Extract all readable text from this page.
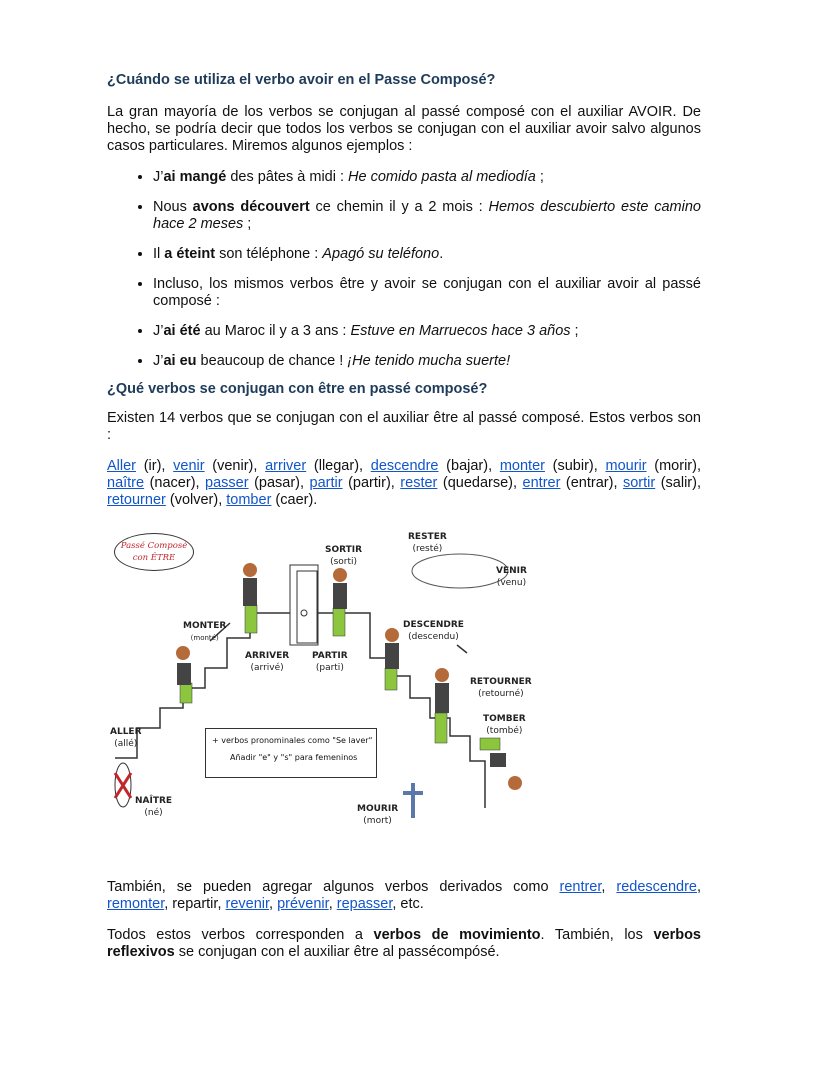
¿Cuándo se utiliza el verbo avoir en el Passe Composé?

La gran mayoría de los verbos se conjugan al passé composé con el auxiliar AVOIR. De hecho, se podría decir que todos los verbos se conjugan con el auxiliar avoir salvo algunos casos particulares. Miremos algunos ejemplos :

• J’ai mangé des pâtes à midi : He comido pasta al mediodía ;
• Nous avons découvert ce chemin il y a 2 mois : Hemos descubierto este camino hace 2 meses ;
• Il a éteint son téléphone : Apagó su teléfono.
• Incluso, los mismos verbos être y avoir se conjugan con el auxiliar avoir al passé composé :
• J’ai été au Maroc il y a 3 ans : Estuve en Marruecos hace 3 años ;
• J’ai eu beaucoup de chance ! ¡He tenido mucha suerte!
¿Qué verbos se conjugan con être en passé composé?

Existen 14 verbos que se conjugan con el auxiliar être al passé composé. Estos verbos son :

Aller (ir), venir (venir), arriver (llegar), descendre (bajar), monter (subir), mourir (morir), naître (nacer), passer (pasar), partir (partir), rester (quedarse), entrer (entrar), sortir (salir), retourner (volver), tomber (caer).

Passé Composé
con ÊTRE
ALLER
(allé)
NAÎTRE
(né)
MONTER
(monté)
ARRIVER
(arrivé)
PARTIR
(parti)
SORTIR
(sorti)
RESTER
(resté)
VENIR
(venu)
DESCENDRE
(descendu)
RETOURNER
(retourné)
TOMBER
(tombé)
MOURIR
(mort)
+ verbos pronominales como "Se laver"
Añadir "e" y "s" para femeninos

También, se pueden agregar algunos verbos derivados como rentrer, redescendre, remonter, repartir, revenir, prévenir, repasser, etc.

Todos estos verbos corresponden a verbos de movimiento. También, los verbos reflexivos se conjugan con el auxiliar être al passécompósé.
